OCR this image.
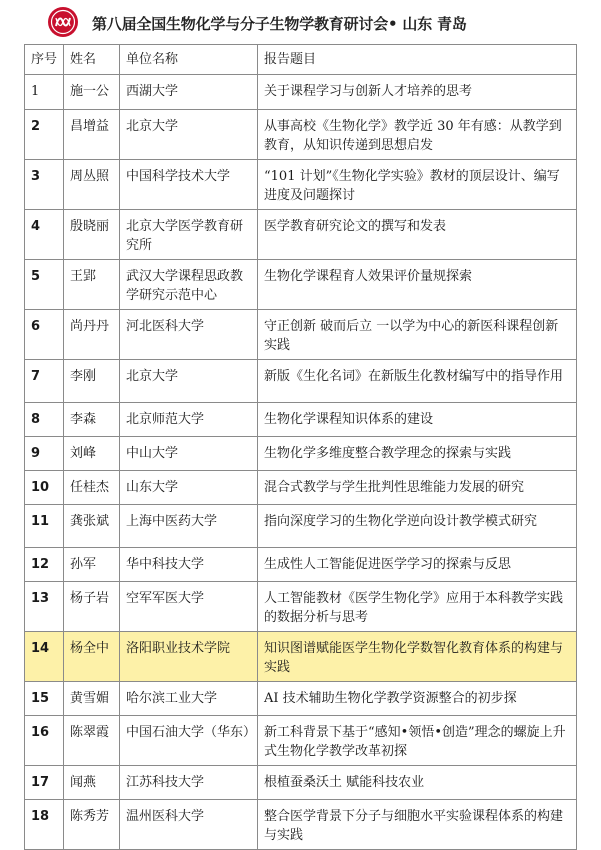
第八届全国生物化学与分子生物学教育研讨会• 山东 青岛
序号	姓名	单位名称	报告题目
1	施一公	西湖大学	关于课程学习与创新人才培养的思考
2	昌增益	北京大学	从事高校《生物化学》教学近 30 年有感：从教学到教育，从知识传递到思想启发
3	周丛照	中国科学技术大学	“101 计划”《生物化学实验》教材的顶层设计、编写进度及问题探讨
4	殷晓丽	北京大学医学教育研究所	医学教育研究论文的撰写和发表
5	王郢	武汉大学课程思政教学研究示范中心	生物化学课程育人效果评价量规探索
6	尚丹丹	河北医科大学	守正创新 破而后立 一以学为中心的新医科课程创新实践
7	李刚	北京大学	新版《生化名词》在新版生化教材编写中的指导作用
8	李森	北京师范大学	生物化学课程知识体系的建设
9	刘峰	中山大学	生物化学多维度整合教学理念的探索与实践
10	任桂杰	山东大学	混合式教学与学生批判性思维能力发展的研究
11	龚张斌	上海中医药大学	指向深度学习的生物化学逆向设计教学模式研究
12	孙军	华中科技大学	生成性人工智能促进医学学习的探索与反思
13	杨子岩	空军军医大学	人工智能教材《医学生物化学》应用于本科教学实践的数据分析与思考
14	杨全中	洛阳职业技术学院	知识图谱赋能医学生物化学数智化教育体系的构建与实践
15	黄雪媚	哈尔滨工业大学	AI 技术辅助生物化学教学资源整合的初步探
16	陈翠霞	中国石油大学（华东）	新工科背景下基于“感知•领悟•创造”理念的螺旋上升式生物化学教学改革初探
17	闻燕	江苏科技大学	根植蚕桑沃土 赋能科技农业
18	陈秀芳	温州医科大学	整合医学背景下分子与细胞水平实验课程体系的构建与实践
